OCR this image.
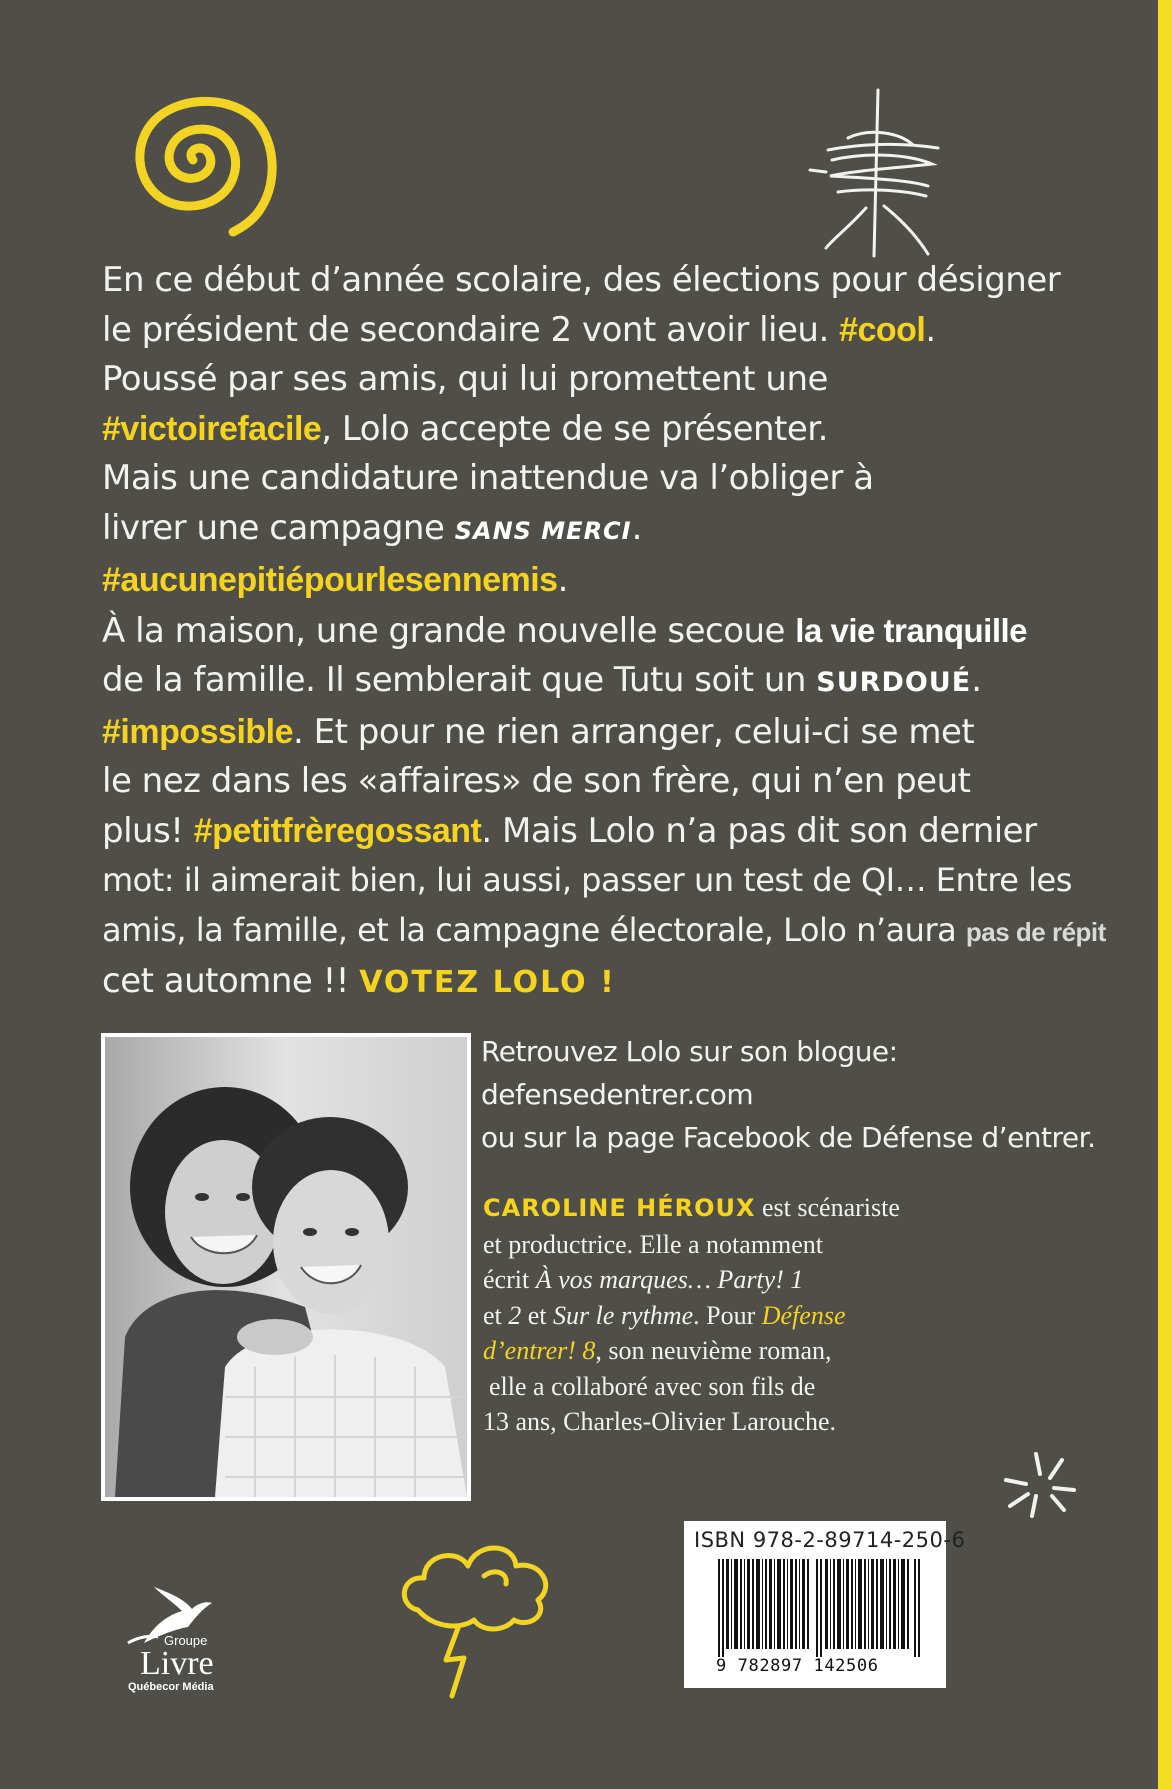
En ce début d’année scolaire, des élections pour désigner
le président de secondaire 2 vont avoir lieu. #cool.
Poussé par ses amis, qui lui promettent une
#victoirefacile, Lolo accepte de se présenter.
Mais une candidature inattendue va l’obliger à
livrer une campagne SANS MERCI.
#aucunepitiépourlesennemis.
À la maison, une grande nouvelle secoue la vie tranquille
de la famille. Il semblerait que Tutu soit un SURDOUÉ.
#impossible. Et pour ne rien arranger, celui-ci se met
le nez dans les «affaires» de son frère, qui n’en peut
plus! #petitfrèregossant. Mais Lolo n’a pas dit son dernier
mot: il aimerait bien, lui aussi, passer un test de QI… Entre les
amis, la famille, et la campagne électorale, Lolo n’aura pas de répit
cet automne !! VOTEZ LOLO !
Retrouvez Lolo sur son blogue:
defensedentrer.com
ou sur la page Facebook de Défense d’entrer.
CAROLINE HÉROUX est scénariste
et productrice. Elle a notamment
écrit À vos marques… Party! 1
et 2 et Sur le rythme. Pour Défense
d’entrer! 8, son neuvième roman,
elle a collaboré avec son fils de
13 ans, Charles-Olivier Larouche.
ISBN 978-2-89714-250-6
9 782897 142506
Groupe
Livre
Québecor Média
